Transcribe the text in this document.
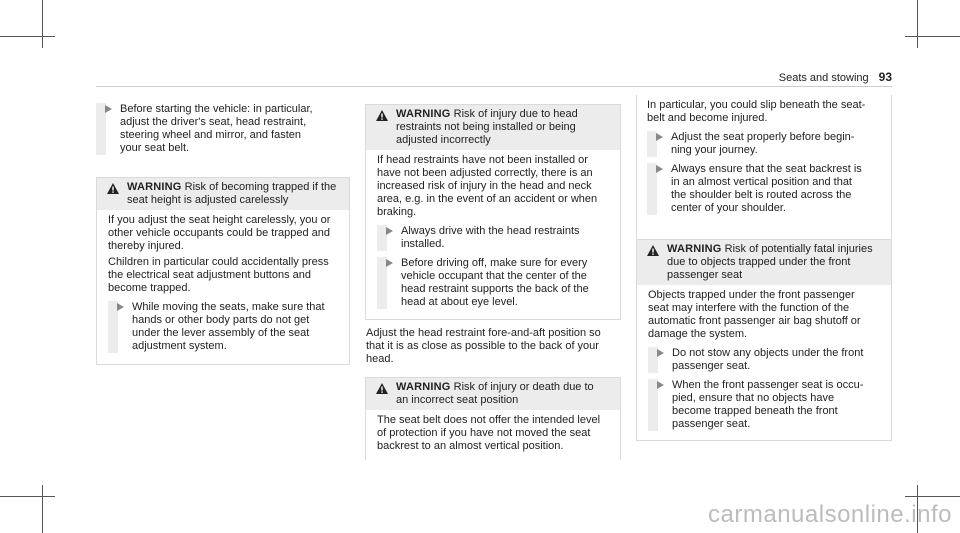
Seats and stowing 93
Before starting the vehicle: in particular,
adjust the driver's seat, head restraint,
steering wheel and mirror, and fasten
your seat belt.
WARNING Risk of becoming trapped if the
seat height is adjusted carelessly

If you adjust the seat height carelessly, you or
other vehicle occupants could be trapped and
thereby injured.

Children in particular could accidentally press
the electrical seat adjustment buttons and
become trapped.

While moving the seats, make sure that
hands or other body parts do not get
under the lever assembly of the seat
adjustment system.
WARNING Risk of injury due to head
restraints not being installed or being
adjusted incorrectly

If head restraints have not been installed or
have not been adjusted correctly, there is an
increased risk of injury in the head and neck
area, e.g. in the event of an accident or when
braking.

Always drive with the head restraints
installed.
Before driving off, make sure for every
vehicle occupant that the center of the
head restraint supports the back of the
head at about eye level.
Adjust the head restraint fore-and-aft position so
that it is as close as possible to the back of your
head.
WARNING Risk of injury or death due to
an incorrect seat position

The seat belt does not offer the intended level
of protection if you have not moved the seat
backrest to an almost vertical position.

In particular, you could slip beneath the seat-
belt and become injured.
Adjust the seat properly before begin-
ning your journey.
Always ensure that the seat backrest is
in an almost vertical position and that
the shoulder belt is routed across the
center of your shoulder.
WARNING Risk of potentially fatal injuries
due to objects trapped under the front
passenger seat

Objects trapped under the front passenger
seat may interfere with the function of the
automatic front passenger air bag shutoff or
damage the system.

Do not stow any objects under the front
passenger seat.
When the front passenger seat is occu-
pied, ensure that no objects have
become trapped beneath the front
passenger seat.
carmanualsonline.info
